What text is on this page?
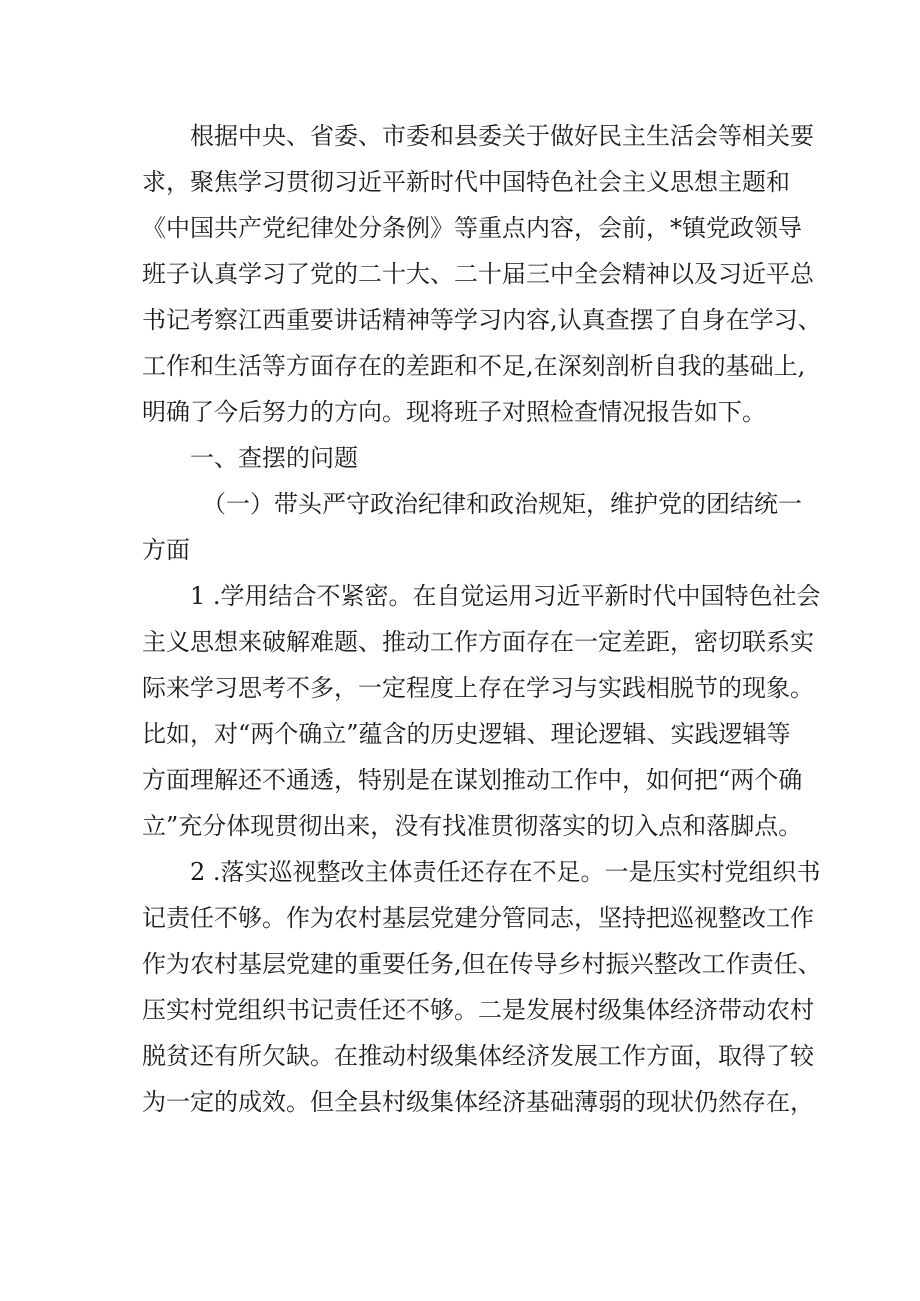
根据中央、省委、市委和县委关于做好民主生活会等相关要
求，聚焦学习贯彻习近平新时代中国特色社会主义思想主题和
《中国共产党纪律处分条例》等重点内容，会前，*镇党政领导
班子认真学习了党的二十大、二十届三中全会精神以及习近平总
书记考察江西重要讲话精神等学习内容,认真查摆了自身在学习、
工作和生活等方面存在的差距和不足,在深刻剖析自我的基础上,
明确了今后努力的方向。现将班子对照检查情况报告如下。
一、查摆的问题
（一）带头严守政治纪律和政治规矩，维护党的团结统一
方面
1 .学用结合不紧密。在自觉运用习近平新时代中国特色社会
主义思想来破解难题、推动工作方面存在一定差距，密切联系实
际来学习思考不多，一定程度上存在学习与实践相脱节的现象。
比如，对“两个确立”蕴含的历史逻辑、理论逻辑、实践逻辑等
方面理解还不通透，特别是在谋划推动工作中，如何把“两个确
立”充分体现贯彻出来，没有找准贯彻落实的切入点和落脚点。
2 .落实巡视整改主体责任还存在不足。一是压实村党组织书
记责任不够。作为农村基层党建分管同志，坚持把巡视整改工作
作为农村基层党建的重要任务,但在传导乡村振兴整改工作责任、
压实村党组织书记责任还不够。二是发展村级集体经济带动农村
脱贫还有所欠缺。在推动村级集体经济发展工作方面，取得了较
为一定的成效。但全县村级集体经济基础薄弱的现状仍然存在，
